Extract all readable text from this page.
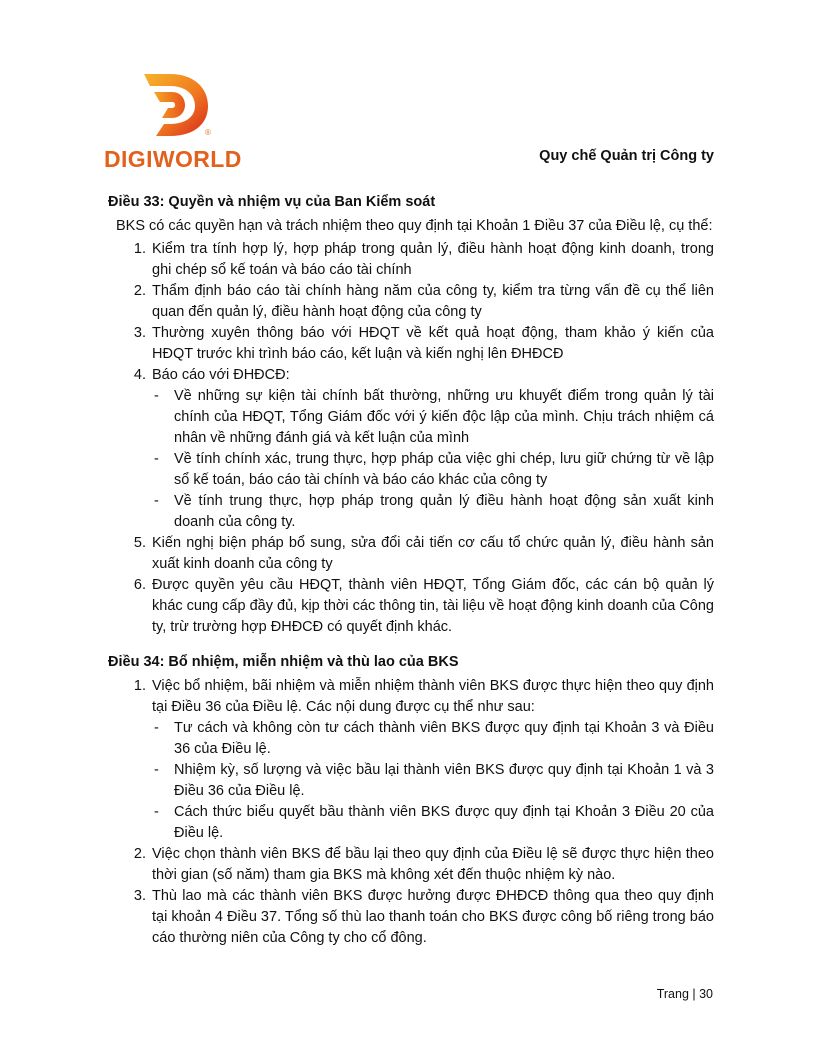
®
DIGIWORLD	Quy chế Quản trị Công ty
Điều 33: Quyền và nhiệm vụ của Ban Kiểm soát

BKS có các quyền hạn và trách nhiệm theo quy định tại Khoản 1 Điều 37 của Điều lệ, cụ thể:

1. Kiểm tra tính hợp lý, hợp pháp trong quản lý, điều hành hoạt động kinh doanh, trong ghi chép sổ kế toán và báo cáo tài chính
2. Thẩm định báo cáo tài chính hàng năm của công ty, kiểm tra từng vấn đề cụ thể liên quan đến quản lý, điều hành hoạt động của công ty
3. Thường xuyên thông báo với HĐQT về kết quả hoạt động, tham khảo ý kiến của HĐQT trước khi trình báo cáo, kết luận và kiến nghị lên ĐHĐCĐ
4. Báo cáo với ĐHĐCĐ:
-	Về những sự kiện tài chính bất thường, những ưu khuyết điểm trong quản lý tài chính của HĐQT, Tổng Giám đốc với ý kiến độc lập của mình. Chịu trách nhiệm cá nhân về những đánh giá và kết luận của mình
-	Về tính chính xác, trung thực, hợp pháp của việc ghi chép, lưu giữ chứng từ về lập sổ kế toán, báo cáo tài chính và báo cáo khác của công ty
-	Về tính trung thực, hợp pháp trong quản lý điều hành hoạt động sản xuất kinh doanh của công ty.
5. Kiến nghị biện pháp bổ sung, sửa đổi cải tiến cơ cấu tổ chức quản lý, điều hành sản xuất kinh doanh của công ty
6. Được quyền yêu cầu HĐQT, thành viên HĐQT, Tổng Giám đốc, các cán bộ quản lý khác cung cấp đầy đủ, kịp thời các thông tin, tài liệu về hoạt động kinh doanh của Công ty, trừ trường hợp ĐHĐCĐ có quyết định khác.
Điều 34: Bổ nhiệm, miễn nhiệm và thù lao của BKS
1. Việc bổ nhiệm, bãi nhiệm và miễn nhiệm thành viên BKS được thực hiện theo quy định tại Điều 36 của Điều lệ. Các nội dung được cụ thể như sau:
-	Tư cách và không còn tư cách thành viên BKS được quy định tại Khoản 3 và Điều 36 của Điều lệ.
-	Nhiệm kỳ, số lượng và việc bầu lại thành viên BKS được quy định tại Khoản 1 và 3 Điều 36 của Điều lệ.
-	Cách thức biểu quyết bầu thành viên BKS được quy định tại Khoản 3 Điều 20 của Điều lệ.
2. Việc chọn thành viên BKS để bầu lại theo quy định của Điều lệ sẽ được thực hiện theo thời gian (số năm) tham gia BKS mà không xét đến thuộc nhiệm kỳ nào.
3. Thù lao mà các thành viên BKS được hưởng được ĐHĐCĐ thông qua theo quy định tại khoản 4 Điều 37. Tổng số thù lao thanh toán cho BKS được công bố riêng trong báo cáo thường niên của Công ty cho cổ đông.
Trang | 30
